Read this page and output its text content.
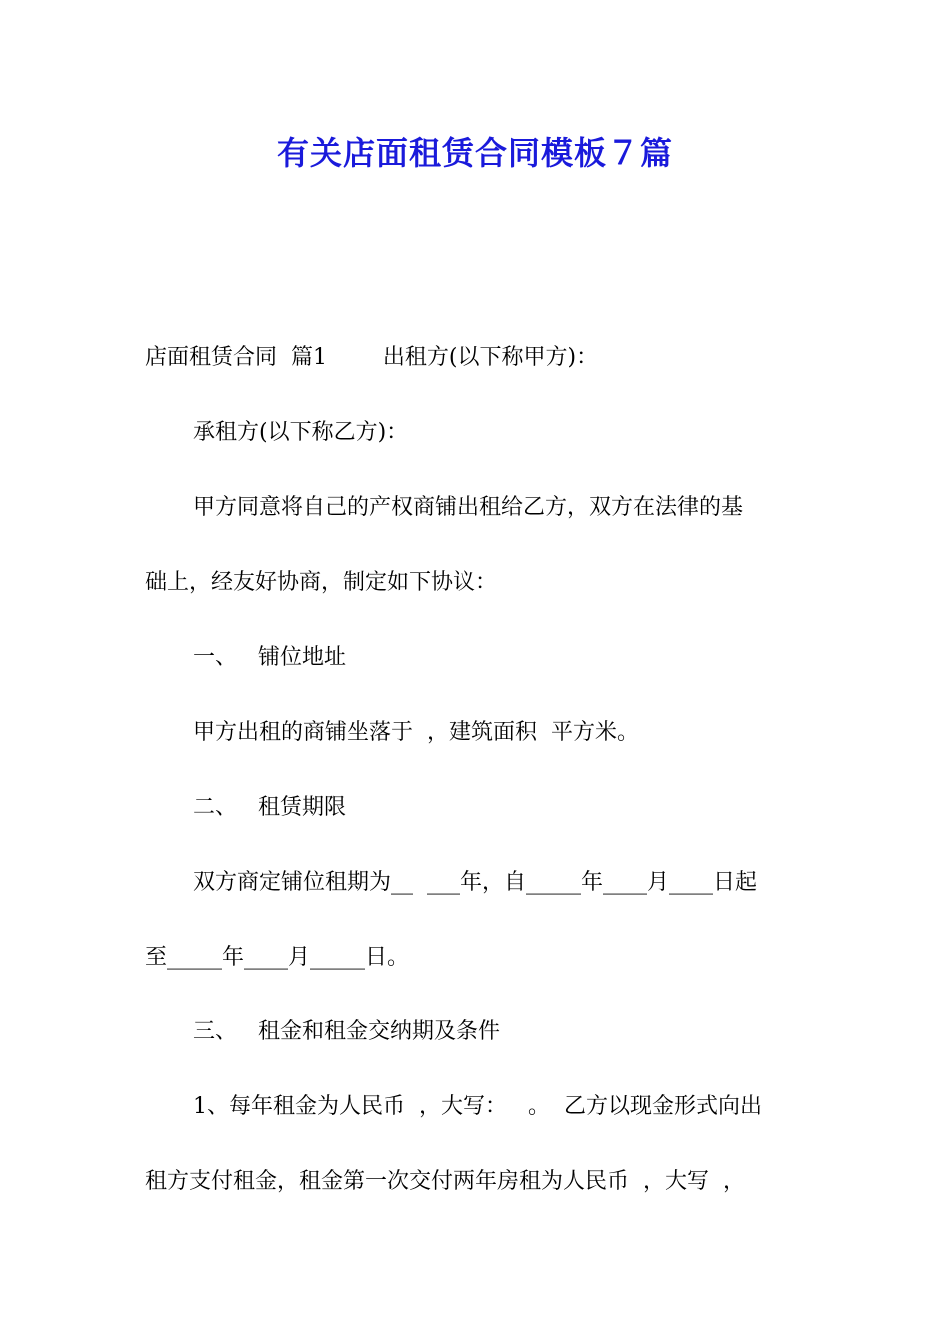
有关店面租赁合同模板７篇

店面租赁合同  篇1        出租方(以下称甲方)：

承租方(以下称乙方)：

甲方同意将自己的产权商铺出租给乙方，双方在法律的基

础上，经友好协商，制定如下协议：

一、   铺位地址

甲方出租的商铺坐落于  ，建筑面积  平方米。

二、   租赁期限

双方商定铺位租期为__  ___年，自_____年____月____日起

至_____年____月_____日。

三、   租金和租金交纳期及条件

1、每年租金为人民币  ，大写：   。  乙方以现金形式向出

租方支付租金，租金第一次交付两年房租为人民币  ，大写  ，
